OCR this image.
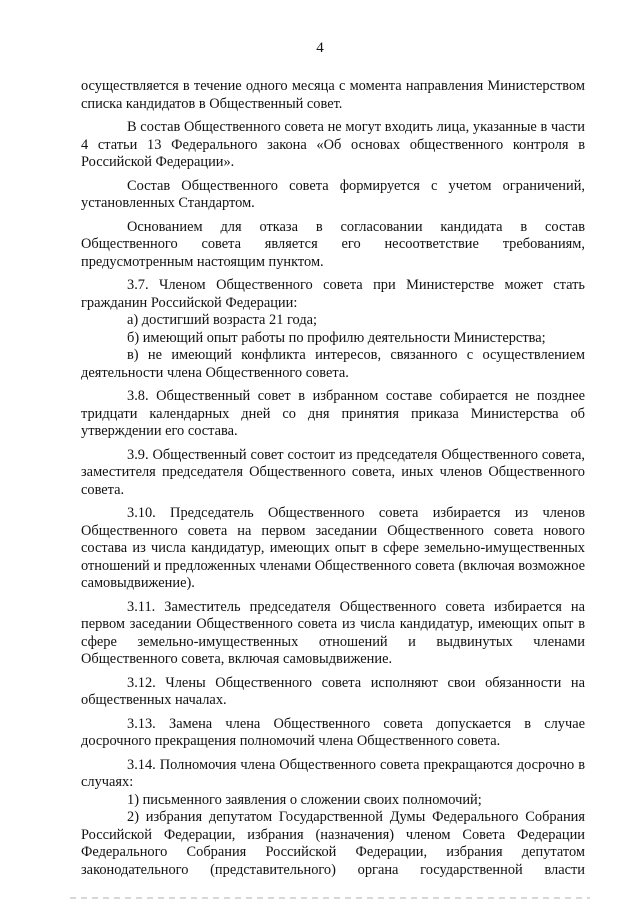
4

осуществляется в течение одного месяца с момента направления Министерством списка кандидатов в Общественный совет.

В состав Общественного совета не могут входить лица, указанные в части 4 статьи 13 Федерального закона «Об основах общественного контроля в Российской Федерации».

Состав Общественного совета формируется с учетом ограничений, установленных Стандартом.

Основанием для отказа в согласовании кандидата в состав Общественного совета является его несоответствие требованиям, предусмотренным настоящим пунктом.

3.7. Членом Общественного совета при Министерстве может стать гражданин Российской Федерации:

а) достигший возраста 21 года;

б) имеющий опыт работы по профилю деятельности Министерства;

в) не имеющий конфликта интересов, связанного с осуществлением деятельности члена Общественного совета.

3.8. Общественный совет в избранном составе собирается не позднее тридцати календарных дней со дня принятия приказа Министерства об утверждении его состава.

3.9. Общественный совет состоит из председателя Общественного совета, заместителя председателя Общественного совета, иных членов Общественного совета.

3.10. Председатель Общественного совета избирается из членов Общественного совета на первом заседании Общественного совета нового состава из числа кандидатур, имеющих опыт в сфере земельно-имущественных отношений и предложенных членами Общественного совета (включая возможное самовыдвижение).

3.11. Заместитель председателя Общественного совета избирается на первом заседании Общественного совета из числа кандидатур, имеющих опыт в сфере земельно-имущественных отношений и выдвинутых членами Общественного совета, включая самовыдвижение.

3.12. Члены Общественного совета исполняют свои обязанности на общественных началах.

3.13. Замена члена Общественного совета допускается в случае досрочного прекращения полномочий члена Общественного совета.

3.14. Полномочия члена Общественного совета прекращаются досрочно в случаях:

1) письменного заявления о сложении своих полномочий;

2) избрания депутатом Государственной Думы Федерального Собрания Российской Федерации, избрания (назначения) членом Совета Федерации Федерального Собрания Российской Федерации, избрания депутатом законодательного (представительного) органа государственной власти
